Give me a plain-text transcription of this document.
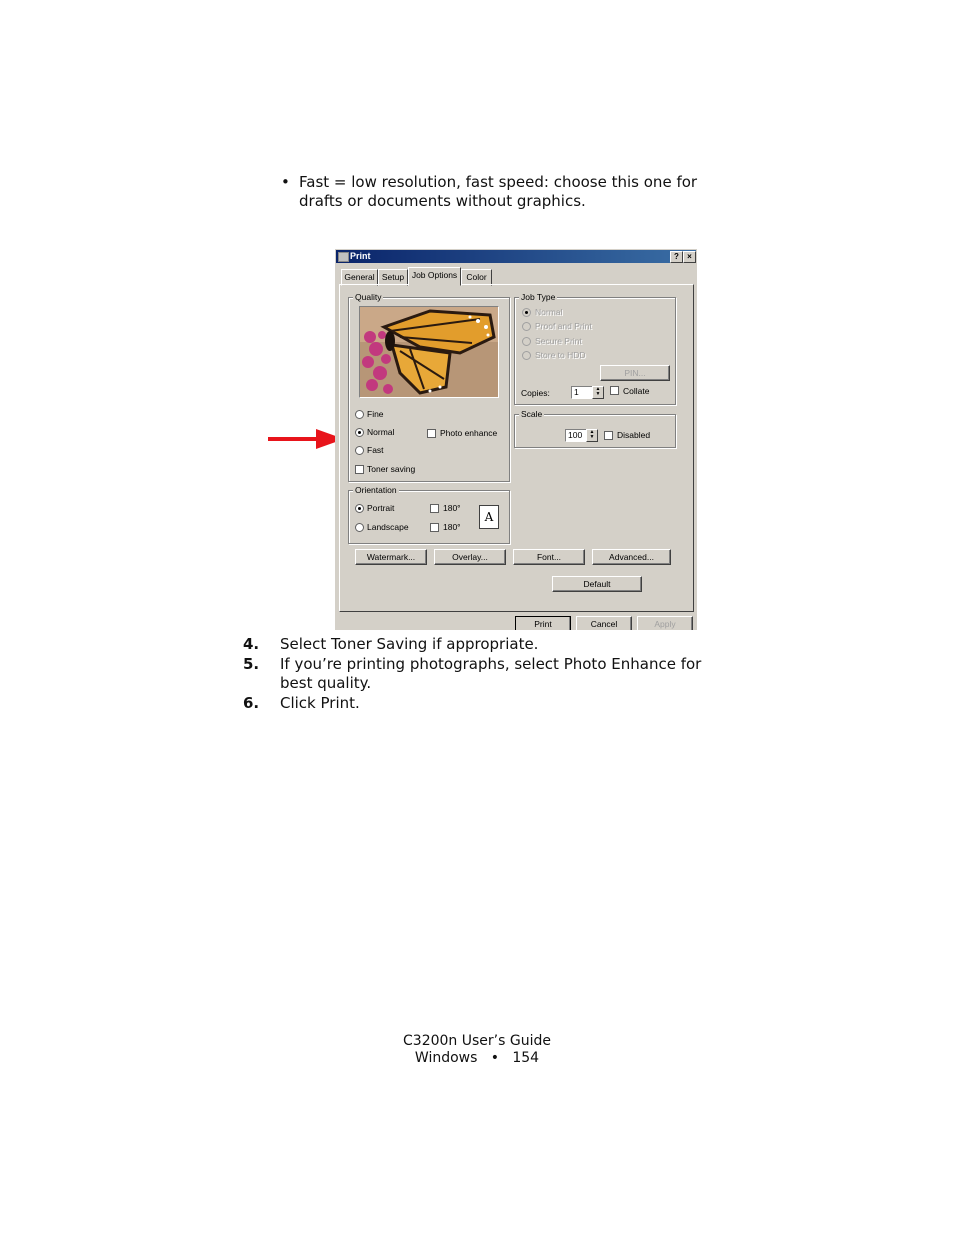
• Fast = low resolution, fast speed: choose this one for drafts or documents without graphics.
Print	?	×
General Setup Job Options	Color
Quality
Fine
Normal	Photo enhance
Fast
Toner saving
Orientation
Portrait	180°
Landscape	180°
A
Job Type
Normal
Proof and Print
Secure Print
Store to HDD
PIN...
Copies:	1	▲
▼	Collate
Scale
100	▲
▼	Disabled
Watermark...	Overlay...	Font...	Advanced...
Default
Print	Cancel	Apply
4. Select Toner Saving if appropriate.
5. If you’re printing photographs, select Photo Enhance for best quality.
6. Click Print.
C3200n User’s Guide
Windows   •   154
